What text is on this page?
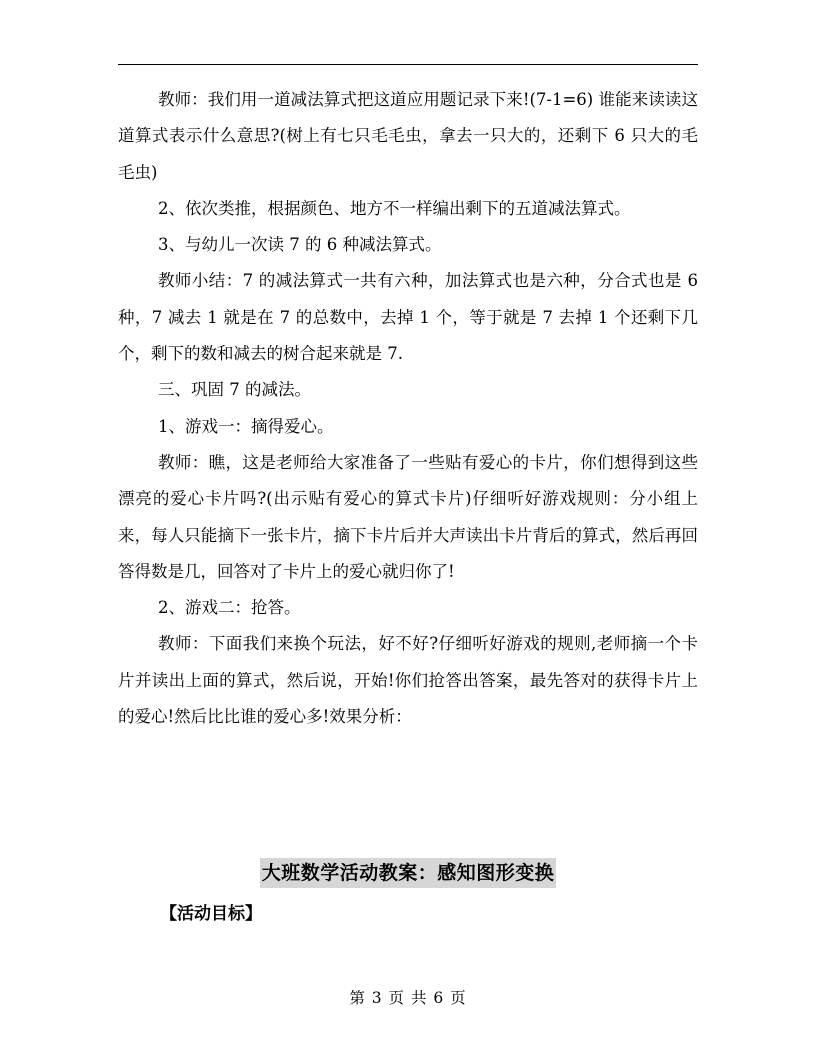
教师：我们用一道减法算式把这道应用题记录下来!(7-1=6) 谁能来读读这道算式表示什么意思?(树上有七只毛毛虫，拿去一只大的，还剩下 6 只大的毛毛虫)

2、依次类推，根据颜色、地方不一样编出剩下的五道减法算式。

3、与幼儿一次读 7 的 6 种减法算式。

教师小结：7 的减法算式一共有六种，加法算式也是六种，分合式也是 6 种，7 减去 1 就是在 7 的总数中，去掉 1 个，等于就是 7 去掉 1 个还剩下几个，剩下的数和减去的树合起来就是 7.

三、巩固 7 的减法。

1、游戏一：摘得爱心。

教师：瞧，这是老师给大家准备了一些贴有爱心的卡片，你们想得到这些漂亮的爱心卡片吗?(出示贴有爱心的算式卡片)仔细听好游戏规则：分小组上来，每人只能摘下一张卡片，摘下卡片后并大声读出卡片背后的算式，然后再回答得数是几，回答对了卡片上的爱心就归你了!

2、游戏二：抢答。

教师：下面我们来换个玩法，好不好?仔细听好游戏的规则,老师摘一个卡片并读出上面的算式，然后说，开始!你们抢答出答案，最先答对的获得卡片上的爱心!然后比比谁的爱心多!效果分析：

大班数学活动教案：感知图形变换

【活动目标】

第 3 页 共 6 页
